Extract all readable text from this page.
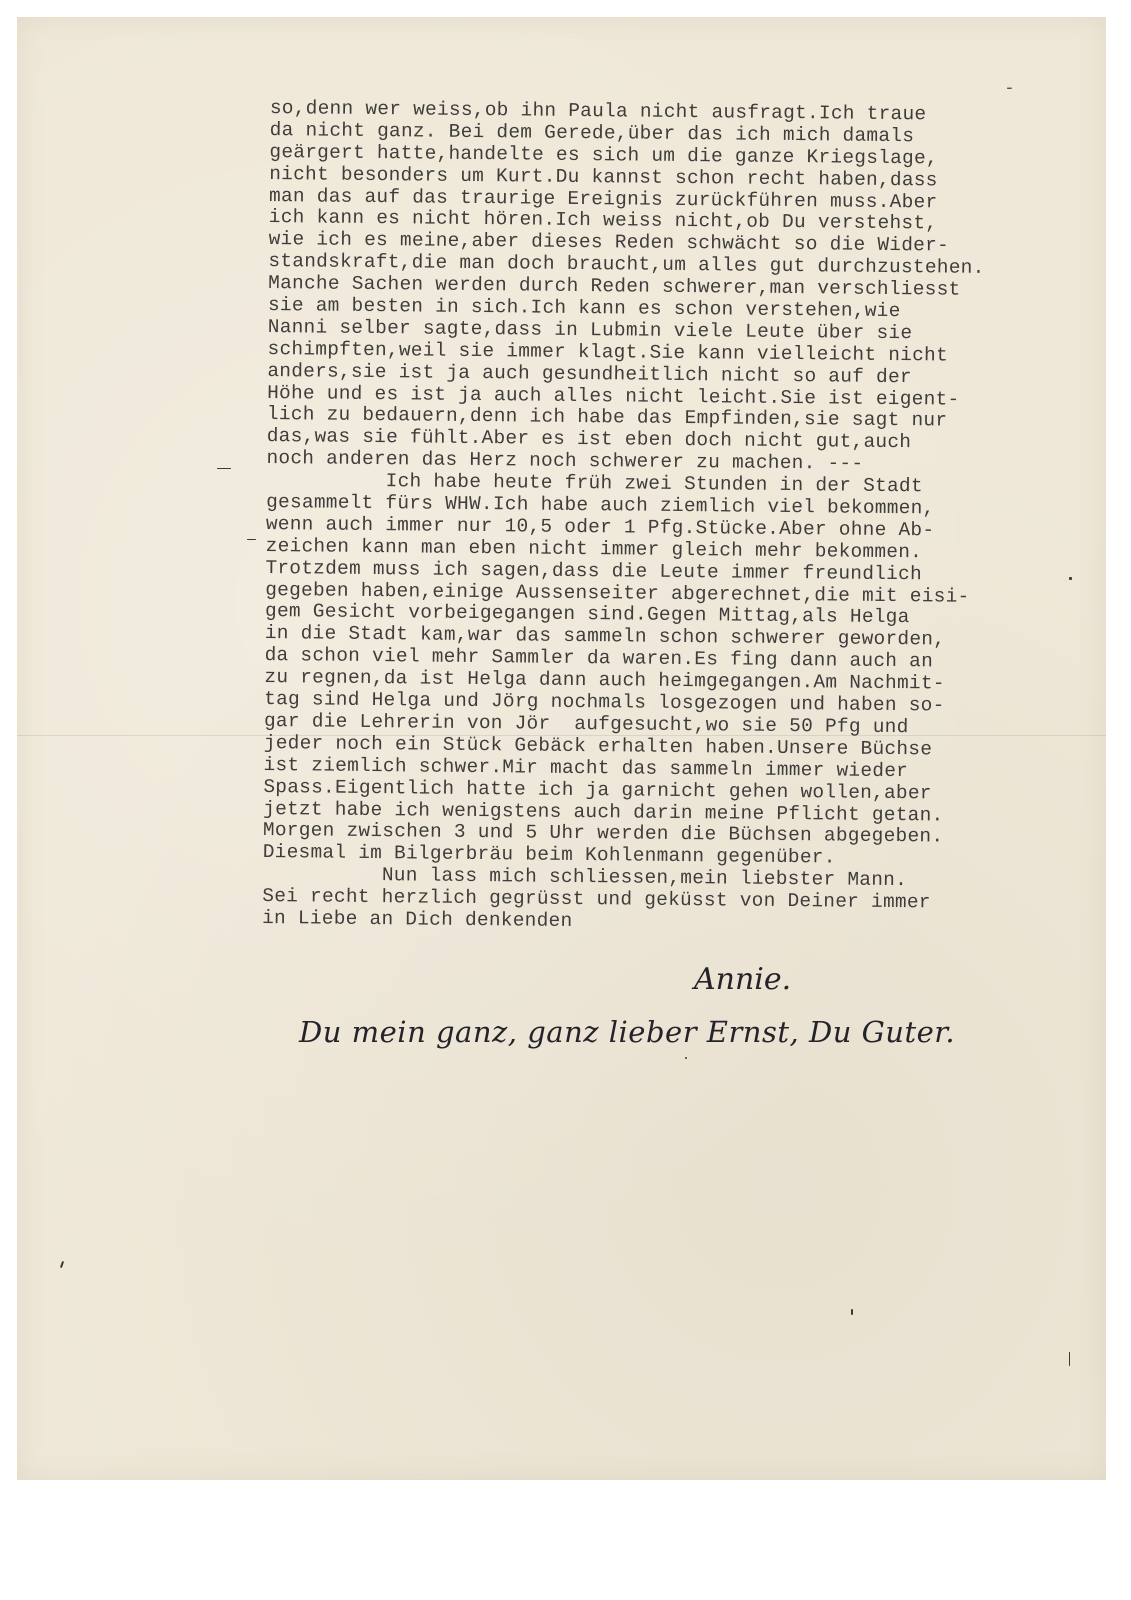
-
so,denn wer weiss,ob ihn Paula nicht ausfragt.Ich traue
da nicht ganz. Bei dem Gerede,über das ich mich damals
geärgert hatte,handelte es sich um die ganze Kriegslage,
nicht besonders um Kurt.Du kannst schon recht haben,dass
man das auf das traurige Ereignis zurückführen muss.Aber
ich kann es nicht hören.Ich weiss nicht,ob Du verstehst,
wie ich es meine,aber dieses Reden schwächt so die Wider-
standskraft,die man doch braucht,um alles gut durchzustehen.
Manche Sachen werden durch Reden schwerer,man verschliesst
sie am besten in sich.Ich kann es schon verstehen,wie
Nanni selber sagte,dass in Lubmin viele Leute über sie
schimpften,weil sie immer klagt.Sie kann vielleicht nicht
anders,sie ist ja auch gesundheitlich nicht so auf der
Höhe und es ist ja auch alles nicht leicht.Sie ist eigent-
lich zu bedauern,denn ich habe das Empfinden,sie sagt nur
das,was sie fühlt.Aber es ist eben doch nicht gut,auch
noch anderen das Herz noch schwerer zu machen. ---
Ich habe heute früh zwei Stunden in der Stadt
gesammelt fürs WHW.Ich habe auch ziemlich viel bekommen,
wenn auch immer nur 10,5 oder 1 Pfg.Stücke.Aber ohne Ab-
zeichen kann man eben nicht immer gleich mehr bekommen.
Trotzdem muss ich sagen,dass die Leute immer freundlich
gegeben haben,einige Aussenseiter abgerechnet,die mit eisi-
gem Gesicht vorbeigegangen sind.Gegen Mittag,als Helga
in die Stadt kam,war das sammeln schon schwerer geworden,
da schon viel mehr Sammler da waren.Es fing dann auch an
zu regnen,da ist Helga dann auch heimgegangen.Am Nachmit-
tag sind Helga und Jörg nochmals losgezogen und haben so-
gar die Lehrerin von Jör  aufgesucht,wo sie 50 Pfg und
jeder noch ein Stück Gebäck erhalten haben.Unsere Büchse
ist ziemlich schwer.Mir macht das sammeln immer wieder
Spass.Eigentlich hatte ich ja garnicht gehen wollen,aber
jetzt habe ich wenigstens auch darin meine Pflicht getan.
Morgen zwischen 3 und 5 Uhr werden die Büchsen abgegeben.
Diesmal im Bilgerbräu beim Kohlenmann gegenüber.
Nun lass mich schliessen,mein liebster Mann.
Sei recht herzlich gegrüsst und geküsst von Deiner immer
in Liebe an Dich denkenden
Annie.
Du mein ganz, ganz lieber Ernst, Du Guter.
